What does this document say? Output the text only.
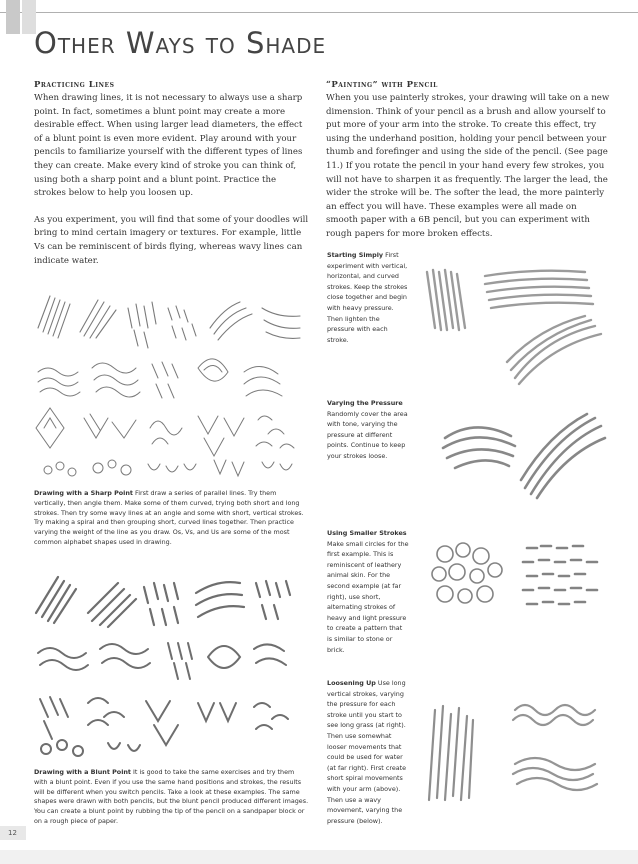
Other Ways to Shade
Practicing Lines

When drawing lines, it is not necessary to always use a sharp point. In fact, sometimes a blunt point may create a more desirable effect. When using larger lead diameters, the effect of a blunt point is even more evident. Play around with your pencils to familiarize yourself with the different types of lines they can create. Make every kind of stroke you can think of, using both a sharp point and a blunt point. Practice the strokes below to help you loosen up.

As you experiment, you will find that some of your doodles will bring to mind certain imagery or textures. For example, little Vs can be reminiscent of birds flying, whereas wavy lines can indicate water.

Drawing with a Sharp Point First draw a series of parallel lines. Try them vertically, then angle them. Make some of them curved, trying both short and long strokes. Then try some wavy lines at an angle and some with short, vertical strokes. Try making a spiral and then grouping short, curved lines together. Then practice varying the weight of the line as you draw. Os, Vs, and Us are some of the most common alphabet shapes used in drawing.

Drawing with a Blunt Point It is good to take the same exercises and try them with a blunt point. Even if you use the same hand positions and strokes, the results will be different when you switch pencils. Take a look at these examples. The same shapes were drawn with both pencils, but the blunt pencil produced different images. You can create a blunt point by rubbing the tip of the pencil on a sandpaper block or on a rough piece of paper.

“Painting” with Pencil

When you use painterly strokes, your drawing will take on a new dimension. Think of your pencil as a brush and allow yourself to put more of your arm into the stroke. To create this effect, try using the underhand position, holding your pencil between your thumb and forefinger and using the side of the pencil. (See page 11.) If you rotate the pencil in your hand every few strokes, you will not have to sharpen it as frequently. The larger the lead, the wider the stroke will be. The softer the lead, the more painterly an effect you will have. These examples were all made on smooth paper with a 6B pencil, but you can experiment with rough papers for more broken effects.

Starting Simply First experiment with vertical, horizontal, and curved strokes. Keep the strokes close together and begin with heavy pressure. Then lighten the pressure with each stroke.

Varying the Pressure Randomly cover the area with tone, varying the pressure at different points. Continue to keep your strokes loose.

Using Smaller Strokes Make small circles for the first example. This is reminiscent of leathery animal skin. For the second example (at far right), use short, alternating strokes of heavy and light pressure to create a pattern that is similar to stone or brick.

Loosening Up Use long vertical strokes, varying the pressure for each stroke until you start to see long grass (at right). Then use somewhat looser movements that could be used for water (at far right). First create short spiral movements with your arm (above). Then use a wavy movement, varying the pressure (below).

12
